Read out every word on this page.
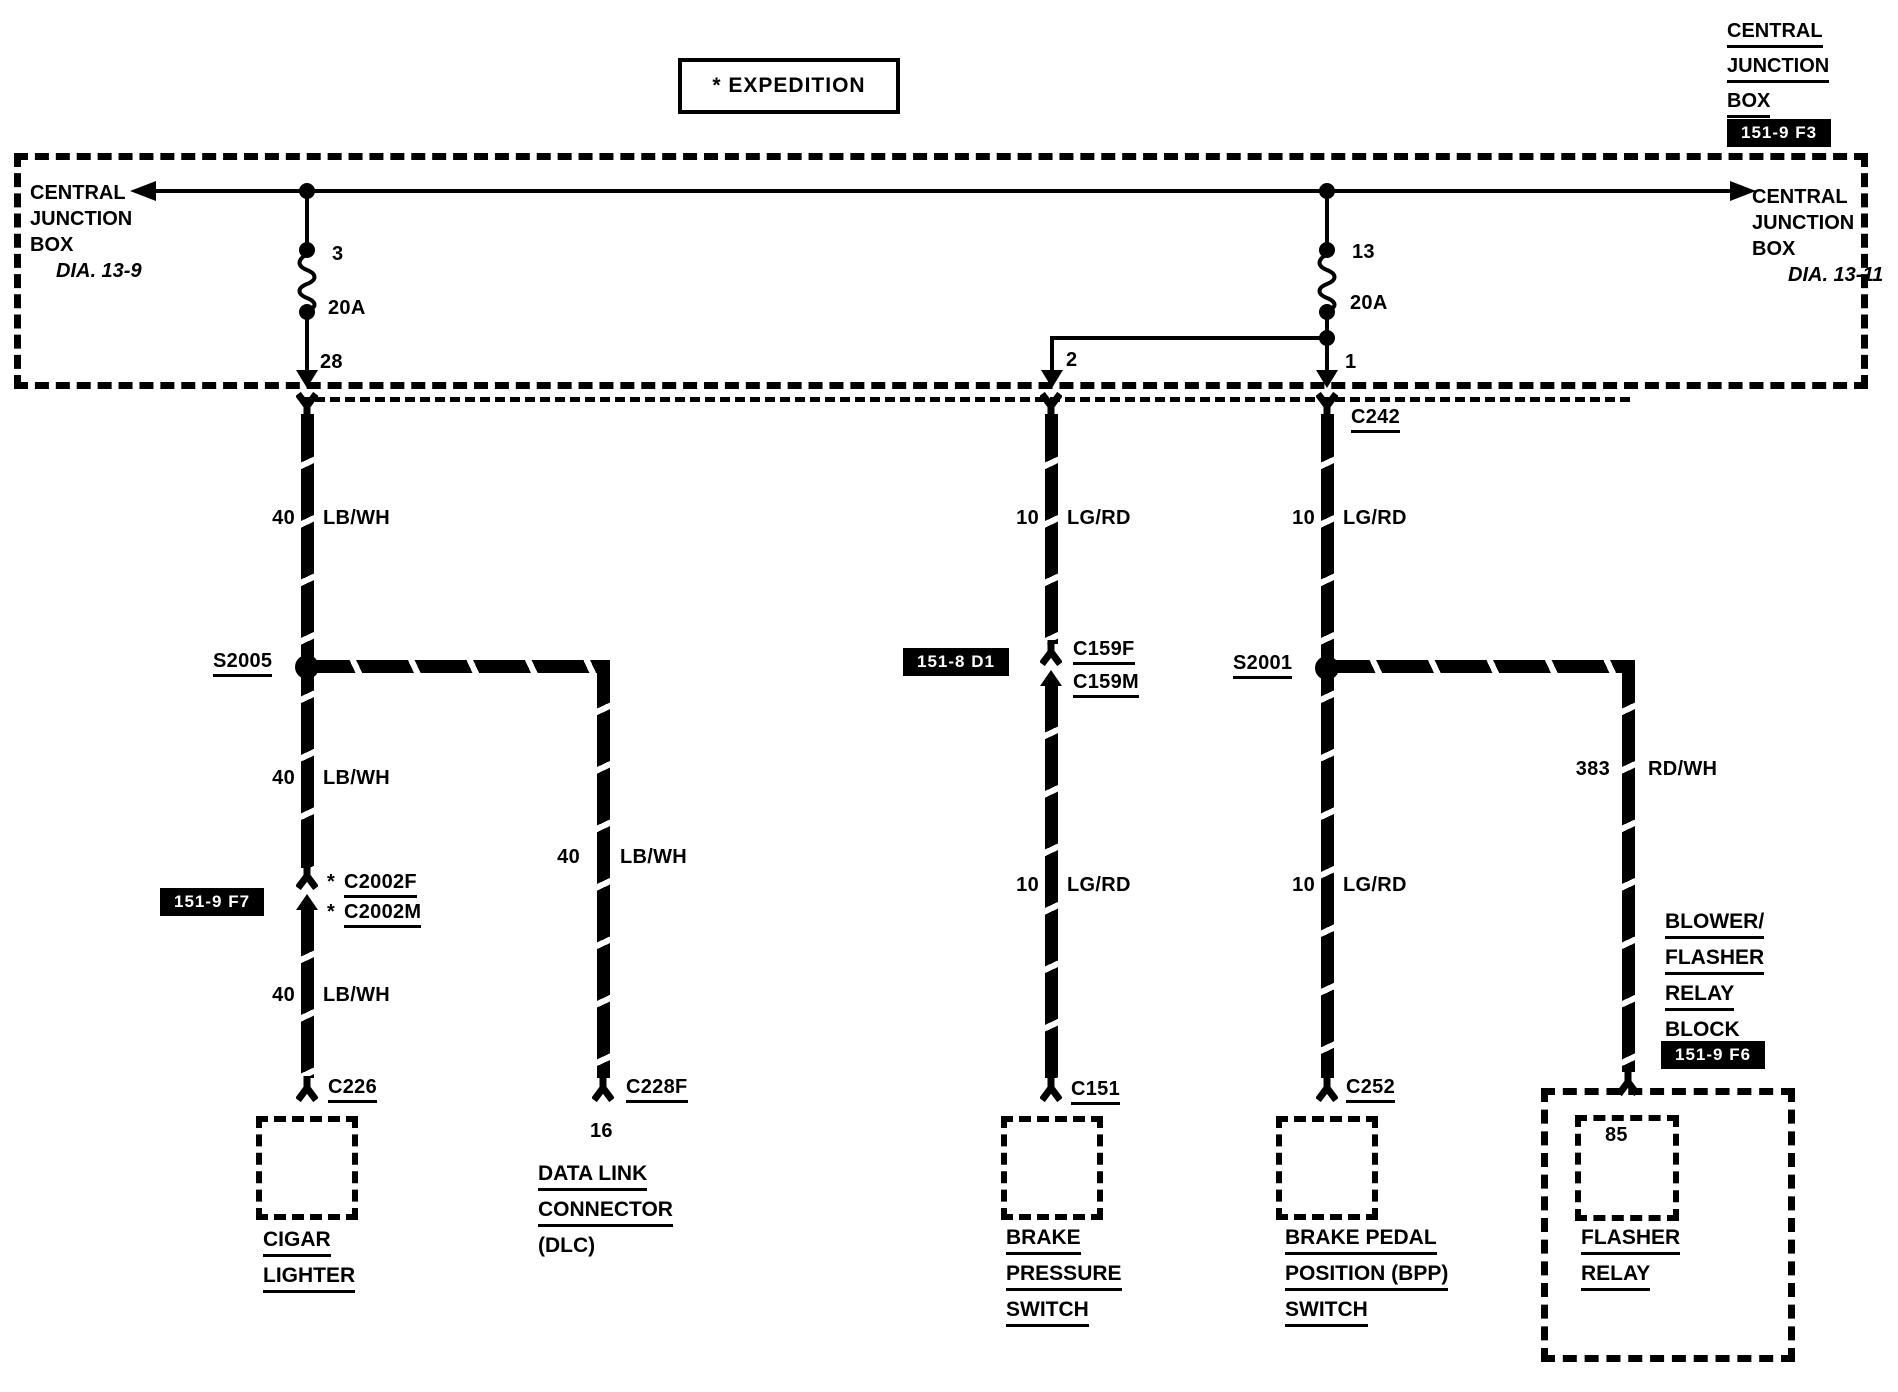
* EXPEDITION
CENTRAL
JUNCTION
BOX
151-9 F3
CENTRAL
JUNCTION
BOX
DIA. 13-9
CENTRAL
JUNCTION
BOX
DIA. 13-11
3
20A
28
13
20A
2	1
40 LB/WH
S2005
40 LB/WH
151-9 F7
* C2002F
* C2002M
40 LB/WH
C226
CIGAR
LIGHTER
40 LB/WH
C228F
16
DATA LINK
CONNECTOR
(DLC)
10 LG/RD
151-8 D1
C159F
C159M
10 LG/RD
C151
BRAKE
PRESSURE
SWITCH
C242
10 LG/RD
S2001
10 LG/RD
C252
BRAKE PEDAL
POSITION (BPP)
SWITCH
383 RD/WH
BLOWER/
FLASHER
RELAY
BLOCK
151-9 F6
85
FLASHER
RELAY
